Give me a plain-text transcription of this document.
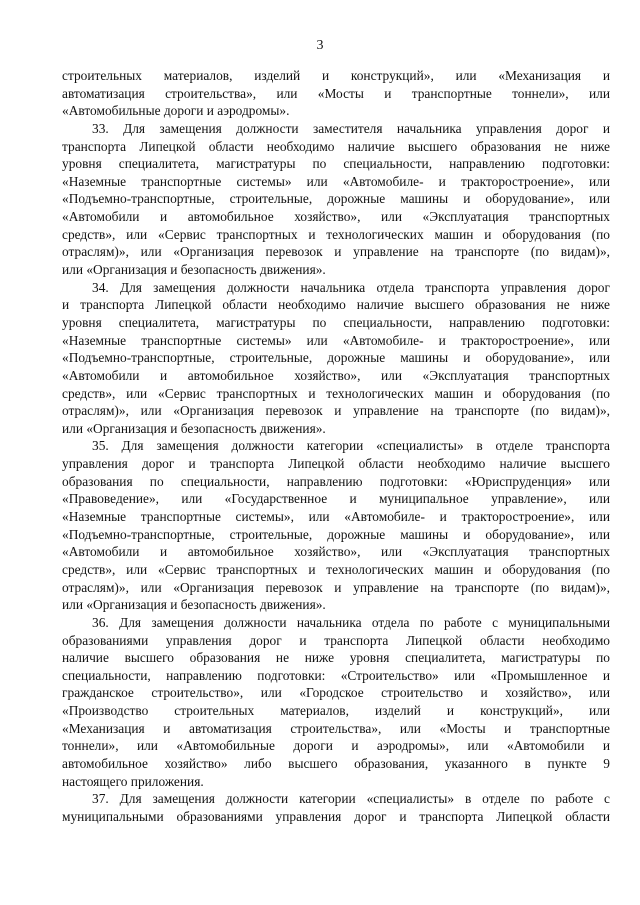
3
строительных материалов, изделий и конструкций», или «Механизация и
автоматизация строительства», или «Мосты и транспортные тоннели», или
«Автомобильные дороги и аэродромы».
33. Для замещения должности заместителя начальника управления дорог и
транспорта Липецкой области необходимо наличие высшего образования не ниже
уровня специалитета, магистратуры по специальности, направлению подготовки:
«Наземные транспортные системы» или «Автомобиле- и тракторостроение», или
«Подъемно-транспортные, строительные, дорожные машины и оборудование», или
«Автомобили и автомобильное хозяйство», или «Эксплуатация транспортных
средств», или «Сервис транспортных и технологических машин и оборудования (по
отраслям)», или «Организация перевозок и управление на транспорте (по видам)»,
или «Организация и безопасность движения».
34. Для замещения должности начальника отдела транспорта управления дорог
и транспорта Липецкой области необходимо наличие высшего образования не ниже
уровня специалитета, магистратуры по специальности, направлению подготовки:
«Наземные транспортные системы» или «Автомобиле- и тракторостроение», или
«Подъемно-транспортные, строительные, дорожные машины и оборудование», или
«Автомобили и автомобильное хозяйство», или «Эксплуатация транспортных
средств», или «Сервис транспортных и технологических машин и оборудования (по
отраслям)», или «Организация перевозок и управление на транспорте (по видам)»,
или «Организация и безопасность движения».
35. Для замещения должности категории «специалисты» в отделе транспорта
управления дорог и транспорта Липецкой области необходимо наличие высшего
образования по специальности, направлению подготовки: «Юриспруденция» или
«Правоведение», или «Государственное и муниципальное управление», или
«Наземные транспортные системы», или «Автомобиле- и тракторостроение», или
«Подъемно-транспортные, строительные, дорожные машины и оборудование», или
«Автомобили и автомобильное хозяйство», или «Эксплуатация транспортных
средств», или «Сервис транспортных и технологических машин и оборудования (по
отраслям)», или «Организация перевозок и управление на транспорте (по видам)»,
или «Организация и безопасность движения».
36. Для замещения должности начальника отдела по работе с муниципальными
образованиями управления дорог и транспорта Липецкой области необходимо
наличие высшего образования не ниже уровня специалитета, магистратуры по
специальности, направлению подготовки: «Строительство» или «Промышленное и
гражданское строительство», или «Городское строительство и хозяйство», или
«Производство строительных материалов, изделий и конструкций», или
«Механизация и автоматизация строительства», или «Мосты и транспортные
тоннели», или «Автомобильные дороги и аэродромы», или «Автомобили и
автомобильное хозяйство» либо высшего образования, указанного в пункте 9
настоящего приложения.
37. Для замещения должности категории «специалисты» в отделе по работе с
муниципальными образованиями управления дорог и транспорта Липецкой области
